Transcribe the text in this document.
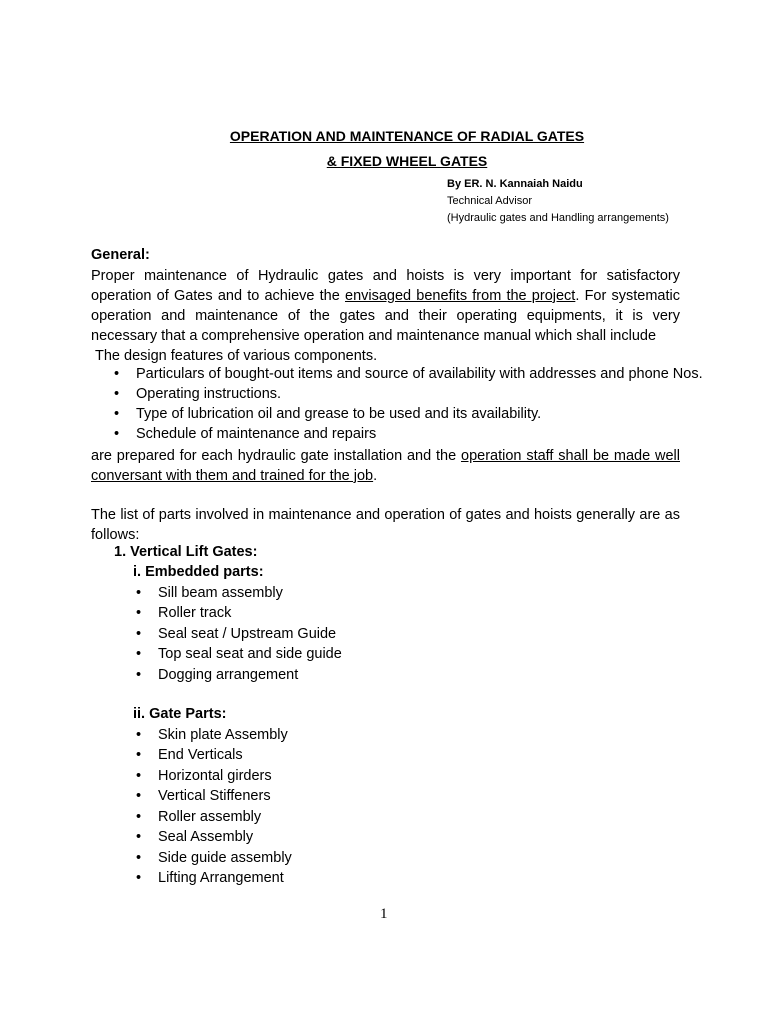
OPERATION AND MAINTENANCE OF RADIAL GATES
& FIXED WHEEL GATES
By ER. N. Kannaiah Naidu
Technical Advisor
(Hydraulic gates and Handling arrangements)
General:
Proper maintenance of Hydraulic gates and hoists is very important for satisfactory
operation of Gates and to achieve the envisaged benefits from the project. For systematic
operation and maintenance of the gates and their operating equipments, it is very
necessary that a comprehensive operation and maintenance manual which shall include
The design features of various components.
• Particulars of bought-out items and source of availability with addresses and phone Nos.
• Operating instructions.
• Type of lubrication oil and grease to be used and its availability.
• Schedule of maintenance and repairs
are prepared for each hydraulic gate installation and the operation staff shall be made well
conversant with them and trained for the job.
The list of parts involved in maintenance and operation of gates and hoists generally are as
follows:
1. Vertical Lift Gates:
i. Embedded parts:
• Sill beam assembly
• Roller track
• Seal seat / Upstream Guide
• Top seal seat and side guide
• Dogging arrangement
ii. Gate Parts:
• Skin plate Assembly
• End Verticals
• Horizontal girders
• Vertical Stiffeners
• Roller assembly
• Seal Assembly
• Side guide assembly
• Lifting Arrangement
1
